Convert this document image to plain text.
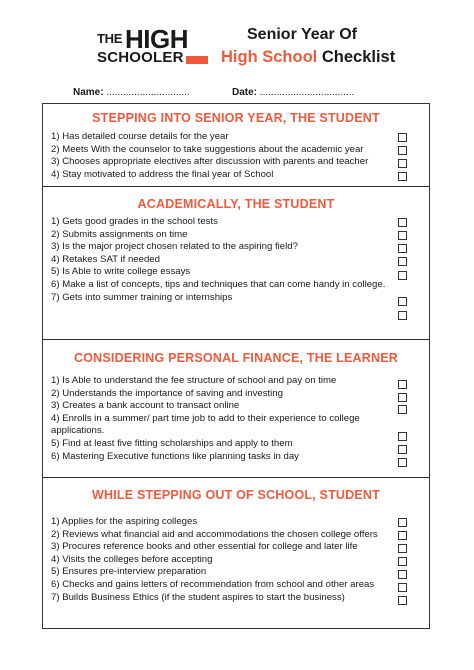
THE HIGH
SCHOOLER
Senior Year Of
High School Checklist
Name: ..............................	Date: ..................................
STEPPING INTO SENIOR YEAR, THE STUDENT
1) Has detailed course details for the year
2) Meets With the counselor to take suggestions about the academic year
3) Chooses appropriate electives after discussion with parents and teacher
4) Stay motivated to address the final year of School
ACADEMICALLY, THE STUDENT
1) Gets good grades in the school tests
2) Submits assignments on time
3) Is the major project chosen related to the aspiring field?
4) Retakes SAT if needed
5) Is Able to write college essays
6) Make a list of concepts, tips and techniques that can come handy in college.
7) Gets into summer training or internships
CONSIDERING PERSONAL FINANCE, THE LEARNER
1) Is Able to understand the fee structure of school and pay on time
2) Understands the importance of saving and investing
3) Creates a bank account to transact online
4) Enrolls in a summer/ part time job to add to their experience to college applications.
5) Find at least five fitting scholarships and apply to them
6) Mastering Executive functions like planning tasks in day
WHILE STEPPING OUT OF SCHOOL, STUDENT
1) Applies for the aspiring colleges
2) Reviews what financial aid and accommodations the chosen college offers
3) Procures reference books and other essential for college and later life
4) Visits the colleges before accepting
5) Ensures pre-interview preparation
6) Checks and gains letters of recommendation from school and other areas
7) Builds Business Ethics (if the student aspires to start the business)
